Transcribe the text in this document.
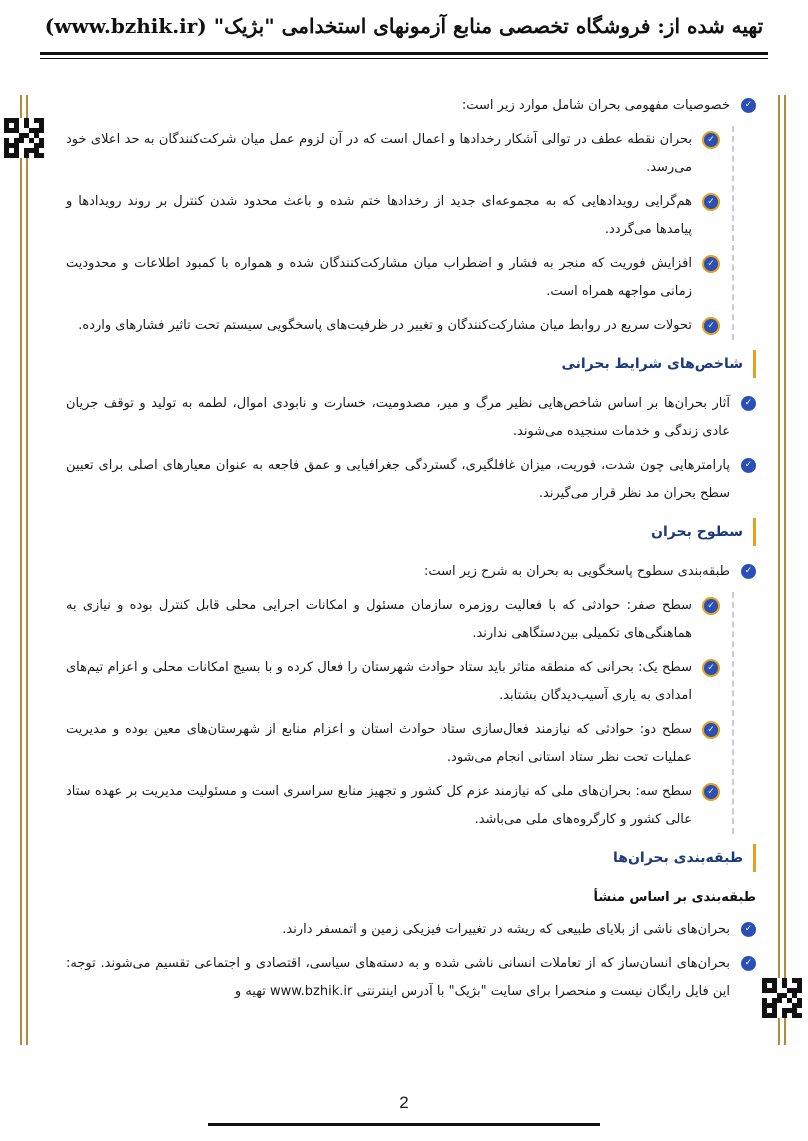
تهیه شده از: فروشگاه تخصصی منابع آزمونهای استخدامی "بژیک" (www.bzhik.ir)
✓
خصوصیات مفهومی بحران شامل موارد زیر است:
✓
بحران نقطه عطف در توالی آشکار رخدادها و اعمال است که در آن لزوم عمل میان شرکت‌کنندگان به حد اعلای خود می‌رسد.
✓
هم‌گرایی رویدادهایی که به مجموعه‌ای جدید از رخدادها ختم شده و باعث محدود شدن کنترل بر روند رویدادها و پیامدها می‌گردد.
✓
افزایش فوریت که منجر به فشار و اضطراب میان مشارکت‌کنندگان شده و همواره با کمبود اطلاعات و محدودیت زمانی مواجهه همراه است.
✓
تحولات سریع در روابط میان مشارکت‌کنندگان و تغییر در ظرفیت‌های پاسخگویی سیستم تحت تاثیر فشارهای وارده.
شاخص‌های شرایط بحرانی
✓
آثار بحران‌ها بر اساس شاخص‌هایی نظیر مرگ و میر، مصدومیت، خسارت و نابودی اموال، لطمه به تولید و توقف جریان عادی زندگی و خدمات سنجیده می‌شوند.
✓
پارامترهایی چون شدت، فوریت، میزان غافلگیری، گستردگی جغرافیایی و عمق فاجعه به عنوان معیارهای اصلی برای تعیین سطح بحران مد نظر قرار می‌گیرند.
سطوح بحران
✓
طبقه‌بندی سطوح پاسخگویی به بحران به شرح زیر است:
✓
سطح صفر: حوادثی که با فعالیت روزمره سازمان مسئول و امکانات اجرایی محلی قابل کنترل بوده و نیازی به هماهنگی‌های تکمیلی بین‌دستگاهی ندارند.
✓
سطح یک: بحرانی که منطقه متاثر باید ستاد حوادث شهرستان را فعال کرده و با بسیج امکانات محلی و اعزام تیم‌های امدادی به یاری آسیب‌دیدگان بشتابد.
✓
سطح دو: حوادثی که نیازمند فعال‌سازی ستاد حوادث استان و اعزام منابع از شهرستان‌های معین بوده و مدیریت عملیات تحت نظر ستاد استانی انجام می‌شود.
✓
سطح سه: بحران‌های ملی که نیازمند عزم کل کشور و تجهیز منابع سراسری است و مسئولیت مدیریت بر عهده ستاد عالی کشور و کارگروه‌های ملی می‌باشد.
طبقه‌بندی بحران‌ها
طبقه‌بندی بر اساس منشأ
✓
بحران‌های ناشی از بلایای طبیعی که ریشه در تغییرات فیزیکی زمین و اتمسفر دارند.
✓
بحران‌های انسان‌ساز که از تعاملات انسانی ناشی شده و به دسته‌های سیاسی، اقتصادی و اجتماعی تقسیم می‌شوند. توجه: این فایل رایگان نیست و منحصرا برای سایت "بژیک" با آدرس اینترنتی www.bzhik.ir تهیه و
2
